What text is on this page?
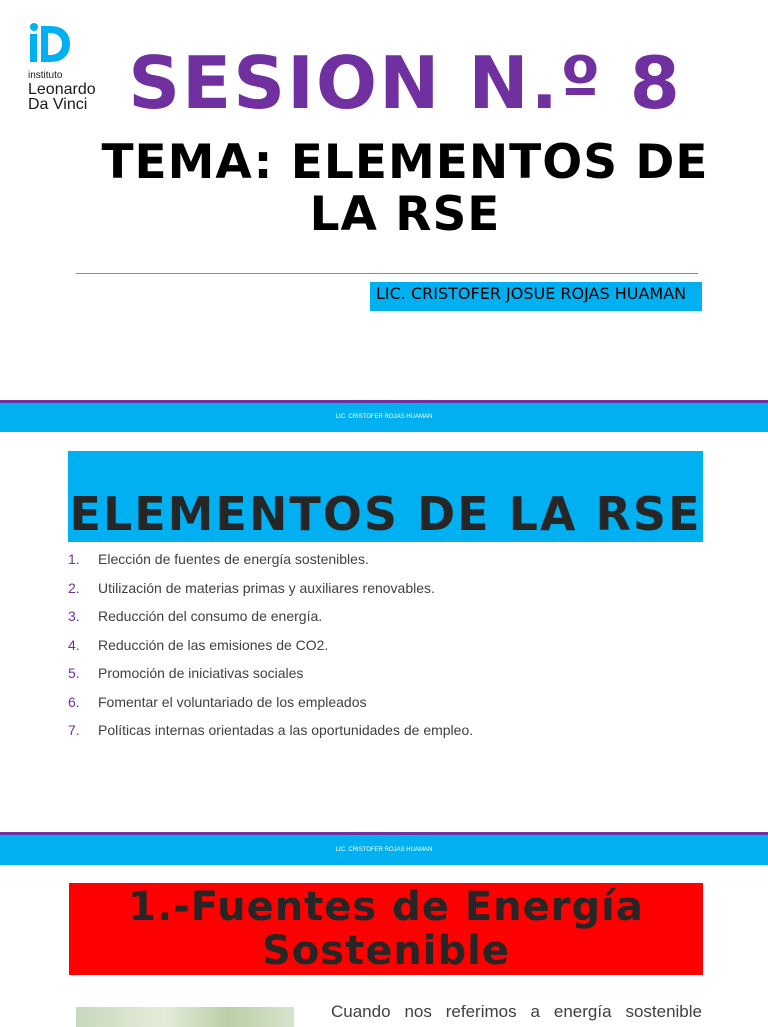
instituto
Leonardo
Da Vinci SESION N.º 8
TEMA: ELEMENTOS DE LA RSE
LIC. CRISTOFER JOSUE ROJAS HUAMAN
LIC. CRISTOFER ROJAS HUAMAN
ELEMENTOS DE LA RSE
1. Elección de fuentes de energía sostenibles.
2. Utilización de materias primas y auxiliares renovables.
3. Reducción del consumo de energía.
4. Reducción de las emisiones de CO2.
5. Promoción de iniciativas sociales
6. Fomentar el voluntariado de los empleados
7. Políticas internas orientadas a las oportunidades de empleo.
LIC. CRISTOFER ROJAS HUAMAN
1.-Fuentes de Energía Sostenible
Cuando nos referimos a energía sostenible
